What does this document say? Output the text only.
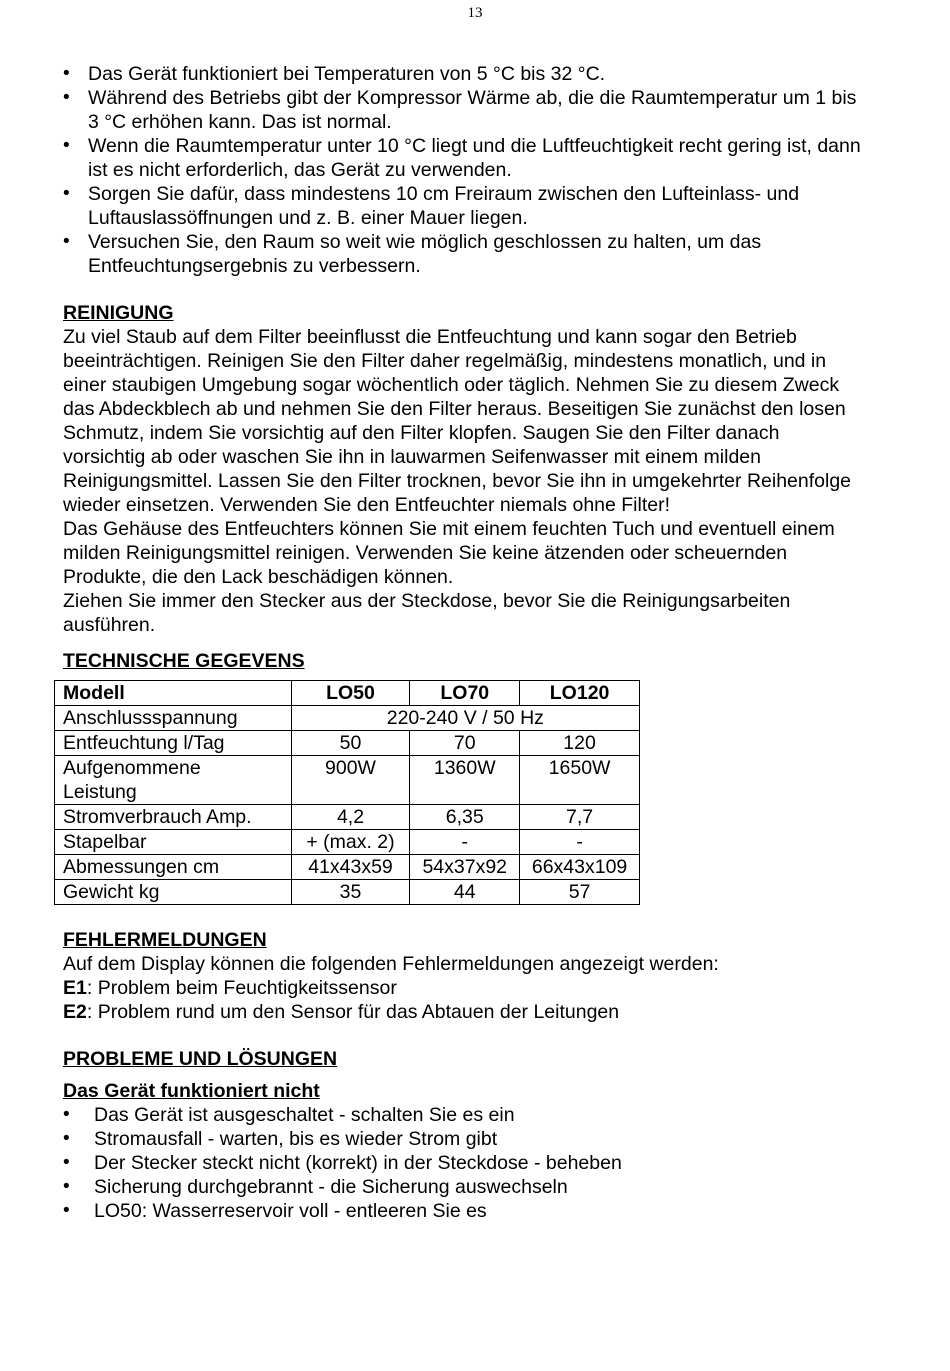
13
• Das Gerät funktioniert bei Temperaturen von 5 °C bis 32 °C.
• Während des Betriebs gibt der Kompressor Wärme ab, die die Raumtemperatur um 1 bis 3 °C erhöhen kann. Das ist normal.
• Wenn die Raumtemperatur unter 10 °C liegt und die Luftfeuchtigkeit recht gering ist, dann ist es nicht erforderlich, das Gerät zu verwenden.
• Sorgen Sie dafür, dass mindestens 10 cm Freiraum zwischen den Lufteinlass- und Luftauslassöffnungen und z. B. einer Mauer liegen.
• Versuchen Sie, den Raum so weit wie möglich geschlossen zu halten, um das Entfeuchtungsergebnis zu verbessern.
REINIGUNG

Zu viel Staub auf dem Filter beeinflusst die Entfeuchtung und kann sogar den Betrieb beeinträchtigen. Reinigen Sie den Filter daher regelmäßig, mindestens monatlich, und in einer staubigen Umgebung sogar wöchentlich oder täglich. Nehmen Sie zu diesem Zweck das Abdeckblech ab und nehmen Sie den Filter heraus. Beseitigen Sie zunächst den losen Schmutz, indem Sie vorsichtig auf den Filter klopfen. Saugen Sie den Filter danach vorsichtig ab oder waschen Sie ihn in lauwarmen Seifenwasser mit einem milden Reinigungsmittel. Lassen Sie den Filter trocknen, bevor Sie ihn in umgekehrter Reihenfolge wieder einsetzen. Verwenden Sie den Entfeuchter niemals ohne Filter!

Das Gehäuse des Entfeuchters können Sie mit einem feuchten Tuch und eventuell einem milden Reinigungsmittel reinigen. Verwenden Sie keine ätzenden oder scheuernden Produkte, die den Lack beschädigen können.

Ziehen Sie immer den Stecker aus der Steckdose, bevor Sie die Reinigungsarbeiten ausführen.

TECHNISCHE GEGEVENS
Modell	LO50	LO70	LO120
Anschlussspannung	220-240 V / 50 Hz		
Entfeuchtung l/Tag	50	70	120
Aufgenommene Leistung	900W	1360W	1650W
Stromverbrauch Amp.	4,2	6,35	7,7
Stapelbar	+ (max. 2)	-	-
Abmessungen cm	41x43x59	54x37x92	66x43x109
Gewicht kg	35	44	57
FEHLERMELDUNGEN

Auf dem Display können die folgenden Fehlermeldungen angezeigt werden:

E1: Problem beim Feuchtigkeitssensor

E2: Problem rund um den Sensor für das Abtauen der Leitungen

PROBLEME UND LÖSUNGEN
Das Gerät funktioniert nicht
• Das Gerät ist ausgeschaltet - schalten Sie es ein
• Stromausfall - warten, bis es wieder Strom gibt
• Der Stecker steckt nicht (korrekt) in der Steckdose - beheben
• Sicherung durchgebrannt - die Sicherung auswechseln
• LO50: Wasserreservoir voll - entleeren Sie es
